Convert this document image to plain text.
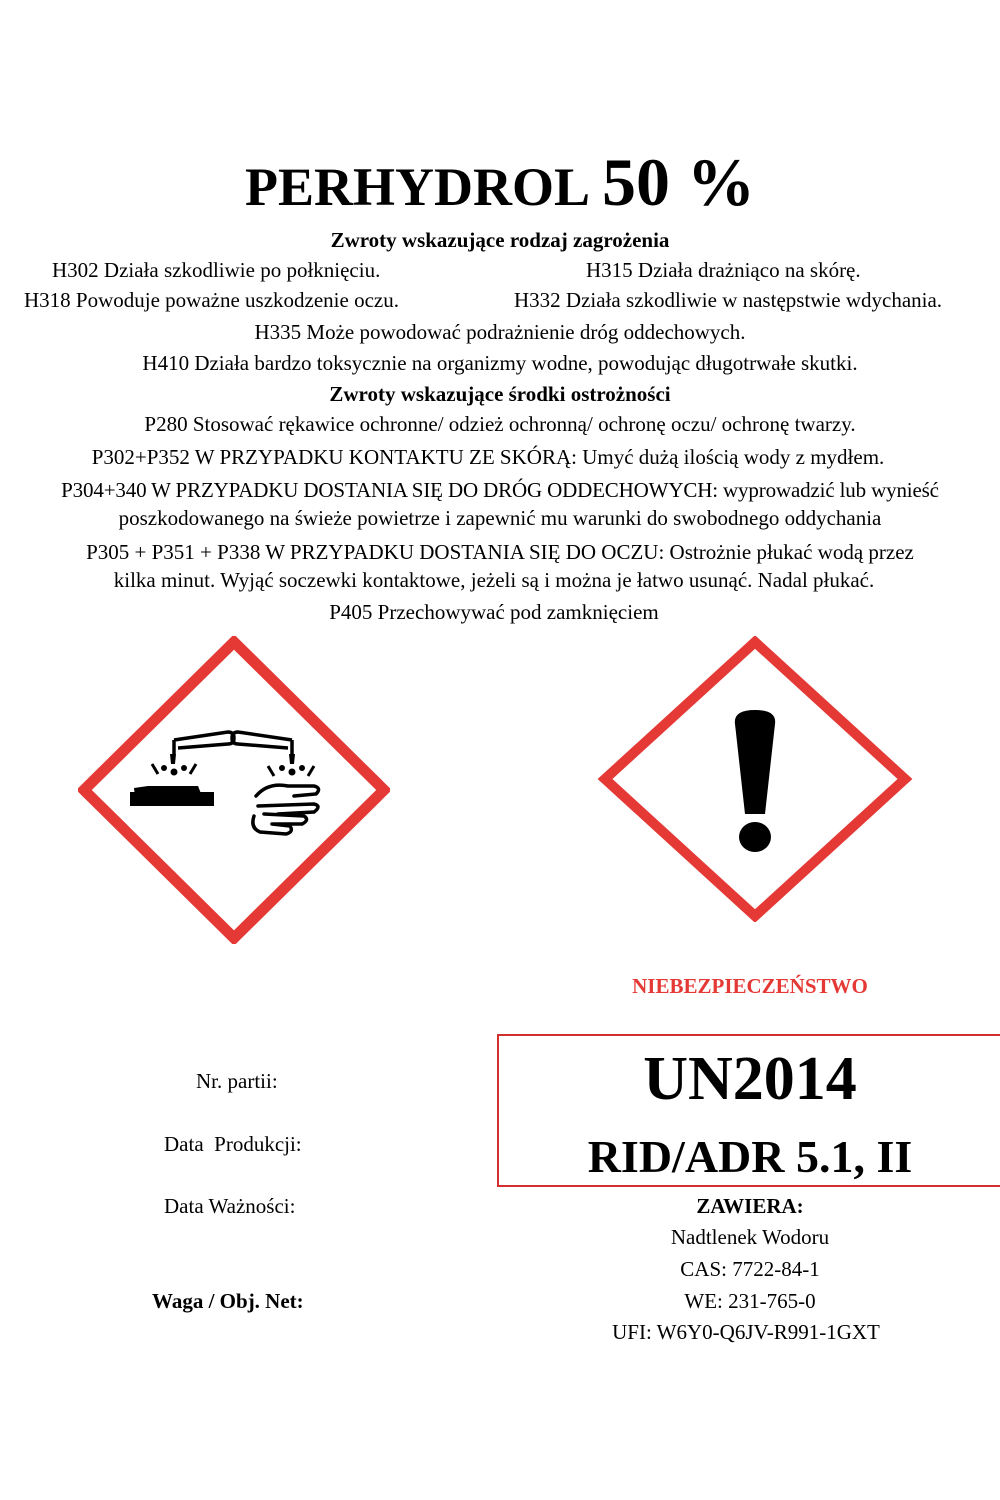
PERHYDROL 50 %
Zwroty wskazujące rodzaj zagrożenia
H302 Działa szkodliwie po połknięciu.	H315 Działa drażniąco na skórę.
H318 Powoduje poważne uszkodzenie oczu.	H332 Działa szkodliwie w następstwie wdychania.
H335 Może powodować podrażnienie dróg oddechowych.
H410 Działa bardzo toksycznie na organizmy wodne, powodując długotrwałe skutki.
Zwroty wskazujące środki ostrożności
P280 Stosować rękawice ochronne/ odzież ochronną/ ochronę oczu/ ochronę twarzy.
P302+P352 W PRZYPADKU KONTAKTU ZE SKÓRĄ: Umyć dużą ilością wody z mydłem.
P304+340 W PRZYPADKU DOSTANIA SIĘ DO DRÓG ODDECHOWYCH: wyprowadzić lub wynieść
poszkodowanego na świeże powietrze i zapewnić mu warunki do swobodnego oddychania
P305 + P351 + P338 W PRZYPADKU DOSTANIA SIĘ DO OCZU: Ostrożnie płukać wodą przez
kilka minut. Wyjąć soczewki kontaktowe, jeżeli są i można je łatwo usunąć. Nadal płukać.
P405 Przechowywać pod zamknięciem
NIEBEZPIECZEŃSTWO
Nr. partii:
Data  Produkcji:
Data Ważności:
Waga / Obj. Net:
UN2014
RID/ADR 5.1, II
ZAWIERA:
Nadtlenek Wodoru
CAS: 7722-84-1
WE: 231-765-0
UFI: W6Y0-Q6JV-R991-1GXT
